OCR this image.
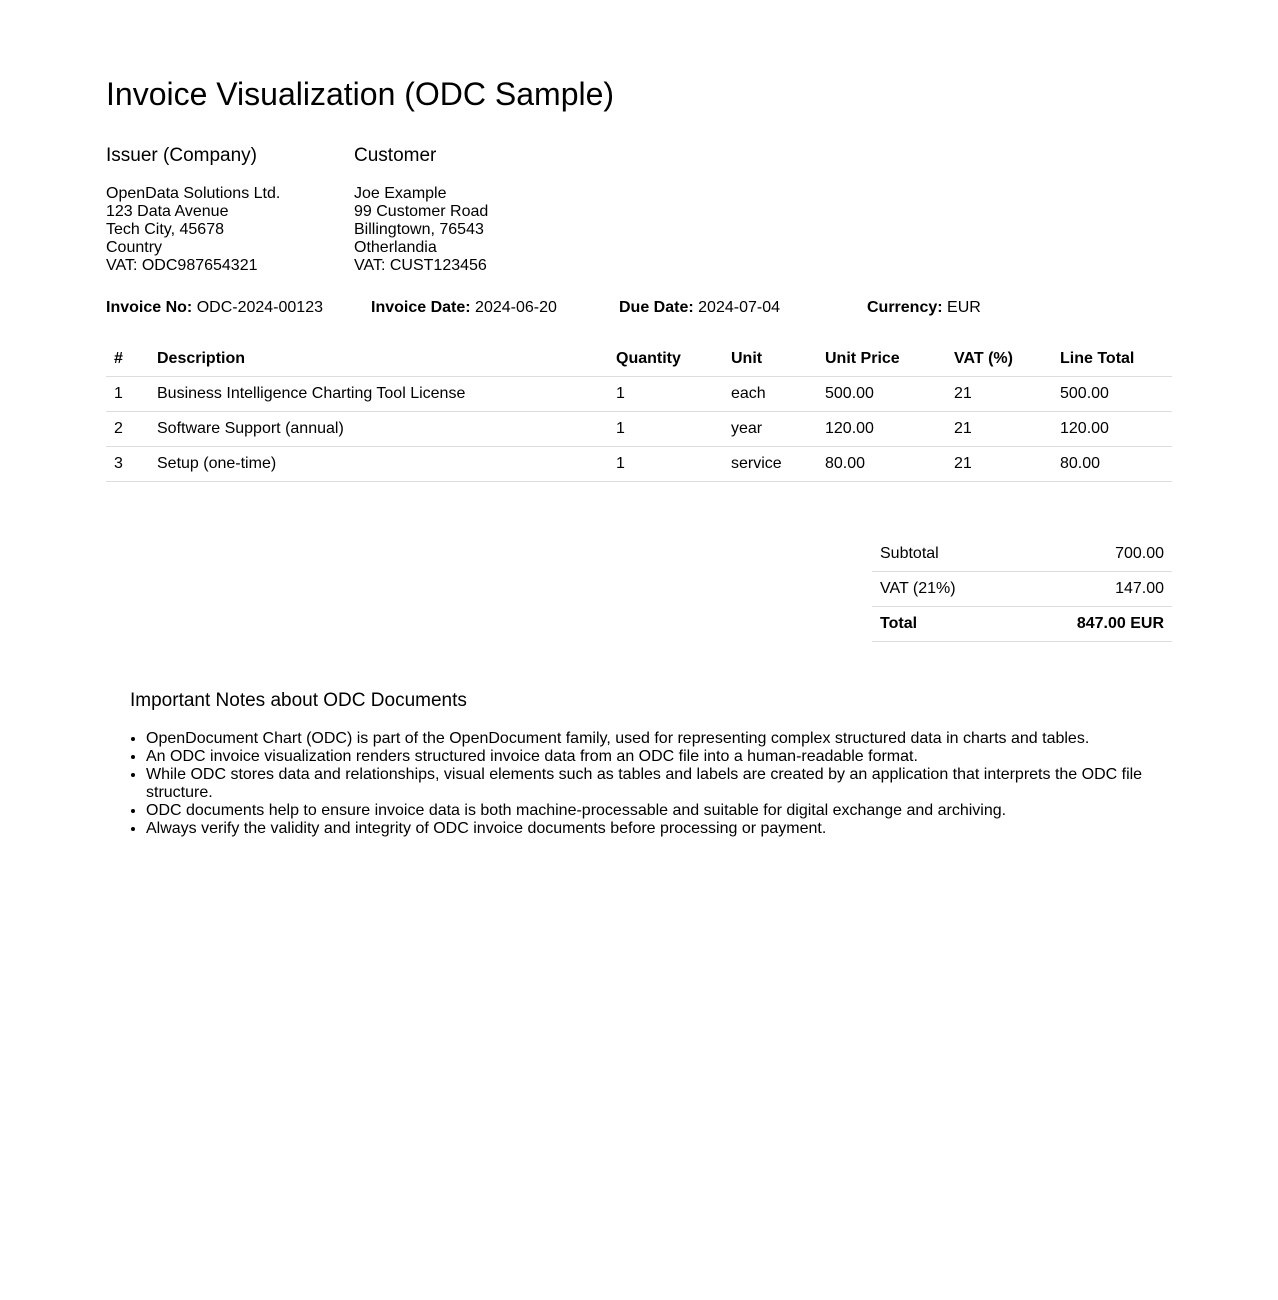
Invoice Visualization (ODC Sample)
Issuer (Company)
OpenData Solutions Ltd.
123 Data Avenue
Tech City, 45678
Country
VAT: ODC987654321
Customer
Joe Example
99 Customer Road
Billingtown, 76543
Otherlandia
VAT: CUST123456
Invoice No: ODC-2024-00123	Invoice Date: 2024-06-20	Due Date: 2024-07-04	Currency: EUR
#	Description	Quantity	Unit	Unit Price	VAT (%)	Line Total
1	Business Intelligence Charting Tool License	1	each	500.00	21	500.00
2	Software Support (annual)	1	year	120.00	21	120.00
3	Setup (one-time)	1	service	80.00	21	80.00
Subtotal	700.00
VAT (21%)	147.00
Total	847.00 EUR
Important Notes about ODC Documents
• OpenDocument Chart (ODC) is part of the OpenDocument family, used for representing complex structured data in charts and tables.
• An ODC invoice visualization renders structured invoice data from an ODC file into a human-readable format.
• While ODC stores data and relationships, visual elements such as tables and labels are created by an application that interprets the ODC file structure.
• ODC documents help to ensure invoice data is both machine-processable and suitable for digital exchange and archiving.
• Always verify the validity and integrity of ODC invoice documents before processing or payment.
